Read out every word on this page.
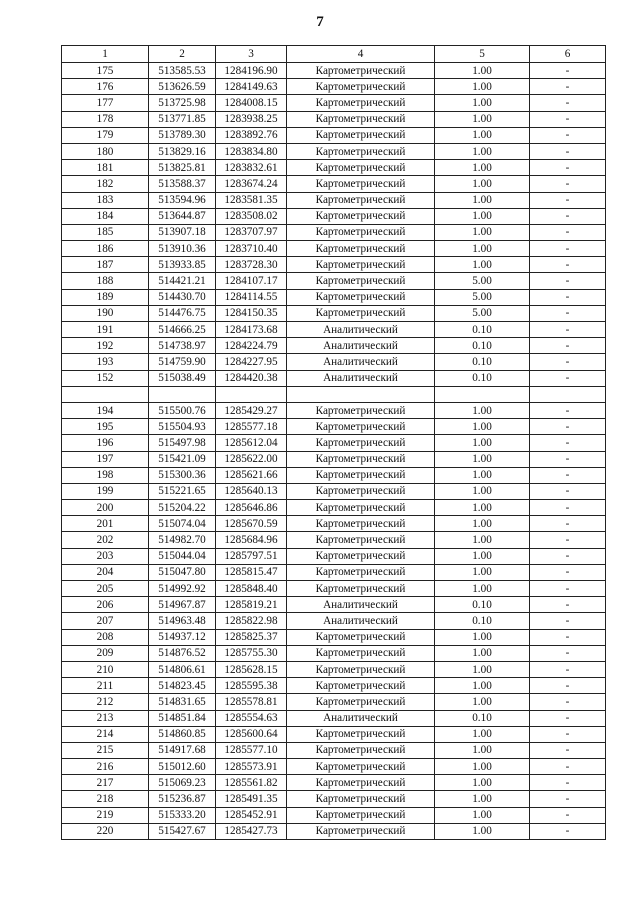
7
1	2	3	4	5	6
175	513585.53	1284196.90	Картометрический	1.00	-
176	513626.59	1284149.63	Картометрический	1.00	-
177	513725.98	1284008.15	Картометрический	1.00	-
178	513771.85	1283938.25	Картометрический	1.00	-
179	513789.30	1283892.76	Картометрический	1.00	-
180	513829.16	1283834.80	Картометрический	1.00	-
181	513825.81	1283832.61	Картометрический	1.00	-
182	513588.37	1283674.24	Картометрический	1.00	-
183	513594.96	1283581.35	Картометрический	1.00	-
184	513644.87	1283508.02	Картометрический	1.00	-
185	513907.18	1283707.97	Картометрический	1.00	-
186	513910.36	1283710.40	Картометрический	1.00	-
187	513933.85	1283728.30	Картометрический	1.00	-
188	514421.21	1284107.17	Картометрический	5.00	-
189	514430.70	1284114.55	Картометрический	5.00	-
190	514476.75	1284150.35	Картометрический	5.00	-
191	514666.25	1284173.68	Аналитический	0.10	-
192	514738.97	1284224.79	Аналитический	0.10	-
193	514759.90	1284227.95	Аналитический	0.10	-
152	515038.49	1284420.38	Аналитический	0.10	-

194	515500.76	1285429.27	Картометрический	1.00	-
195	515504.93	1285577.18	Картометрический	1.00	-
196	515497.98	1285612.04	Картометрический	1.00	-
197	515421.09	1285622.00	Картометрический	1.00	-
198	515300.36	1285621.66	Картометрический	1.00	-
199	515221.65	1285640.13	Картометрический	1.00	-
200	515204.22	1285646.86	Картометрический	1.00	-
201	515074.04	1285670.59	Картометрический	1.00	-
202	514982.70	1285684.96	Картометрический	1.00	-
203	515044.04	1285797.51	Картометрический	1.00	-
204	515047.80	1285815.47	Картометрический	1.00	-
205	514992.92	1285848.40	Картометрический	1.00	-
206	514967.87	1285819.21	Аналитический	0.10	-
207	514963.48	1285822.98	Аналитический	0.10	-
208	514937.12	1285825.37	Картометрический	1.00	-
209	514876.52	1285755.30	Картометрический	1.00	-
210	514806.61	1285628.15	Картометрический	1.00	-
211	514823.45	1285595.38	Картометрический	1.00	-
212	514831.65	1285578.81	Картометрический	1.00	-
213	514851.84	1285554.63	Аналитический	0.10	-
214	514860.85	1285600.64	Картометрический	1.00	-
215	514917.68	1285577.10	Картометрический	1.00	-
216	515012.60	1285573.91	Картометрический	1.00	-
217	515069.23	1285561.82	Картометрический	1.00	-
218	515236.87	1285491.35	Картометрический	1.00	-
219	515333.20	1285452.91	Картометрический	1.00	-
220	515427.67	1285427.73	Картометрический	1.00	-
